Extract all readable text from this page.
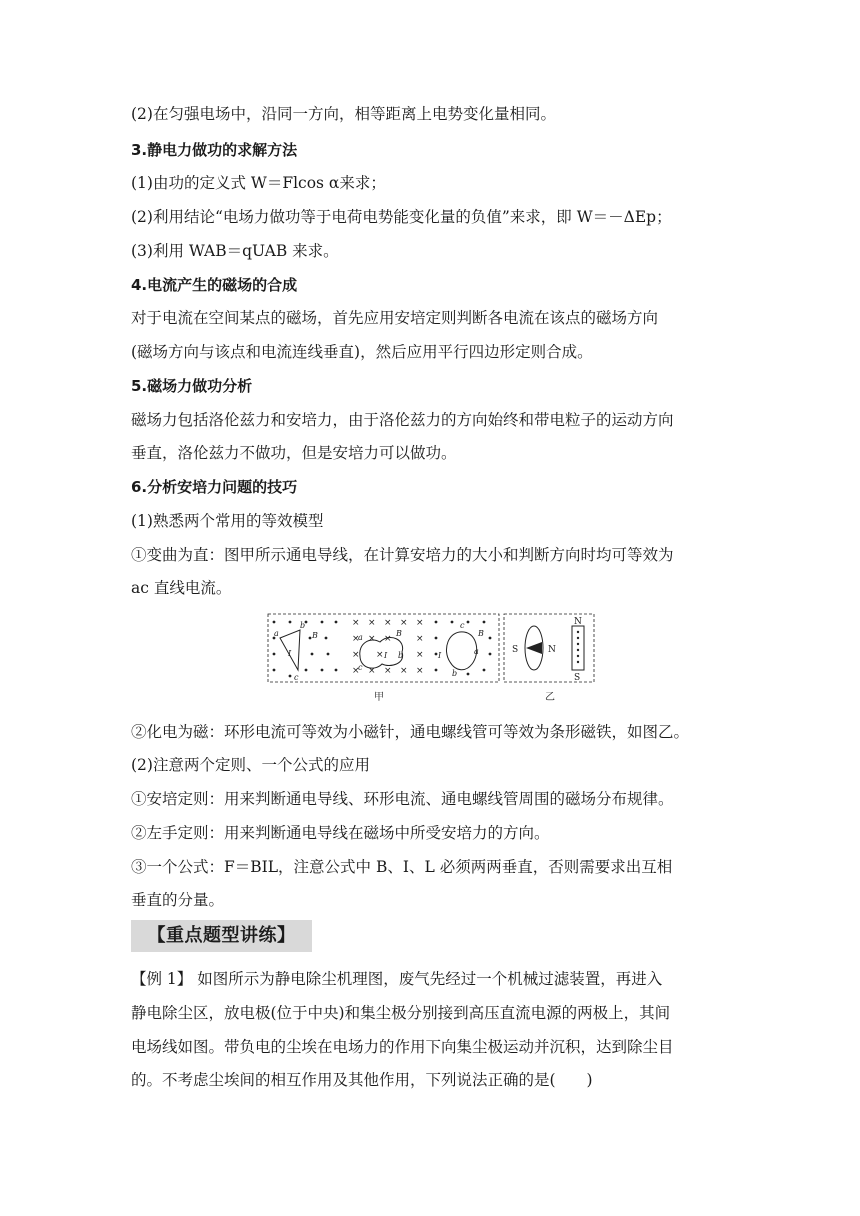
(2)在匀强电场中，沿同一方向，相等距离上电势变化量相同。
3.静电力做功的求解方法
(1)由功的定义式 W＝Flcos α来求；
(2)利用结论“电场力做功等于电荷电势能变化量的负值”来求，即 W＝－ΔEp；
(3)利用 WAB＝qUAB 来求。
4.电流产生的磁场的合成
对于电流在空间某点的磁场，首先应用安培定则判断各电流在该点的磁场方向
(磁场方向与该点和电流连线垂直)，然后应用平行四边形定则合成。
5.磁场力做功分析
磁场力包括洛伦兹力和安培力，由于洛伦兹力的方向始终和带电粒子的运动方向
垂直，洛伦兹力不做功，但是安培力可以做功。
6.分析安培力问题的技巧
(1)熟悉两个常用的等效模型
①变曲为直：图甲所示通电导线，在计算安培力的大小和判断方向时均可等效为
ac 直线电流。
× × × × ×
×	×
×	×
× × × × ×
× ×
×
a
b
c
B
I
a
b
c
B
I	a
b
c
B
I
S	N
N
S
甲	乙
②化电为磁：环形电流可等效为小磁针，通电螺线管可等效为条形磁铁，如图乙。
(2)注意两个定则、一个公式的应用
①安培定则：用来判断通电导线、环形电流、通电螺线管周围的磁场分布规律。
②左手定则：用来判断通电导线在磁场中所受安培力的方向。
③一个公式：F＝BIL，注意公式中 B、I、L 必须两两垂直，否则需要求出互相
垂直的分量。
【重点题型讲练】
【例 1】 如图所示为静电除尘机理图，废气先经过一个机械过滤装置，再进入
静电除尘区，放电极(位于中央)和集尘极分别接到高压直流电源的两极上，其间
电场线如图。带负电的尘埃在电场力的作用下向集尘极运动并沉积，达到除尘目
的。不考虑尘埃间的相互作用及其他作用，下列说法正确的是(　　)
